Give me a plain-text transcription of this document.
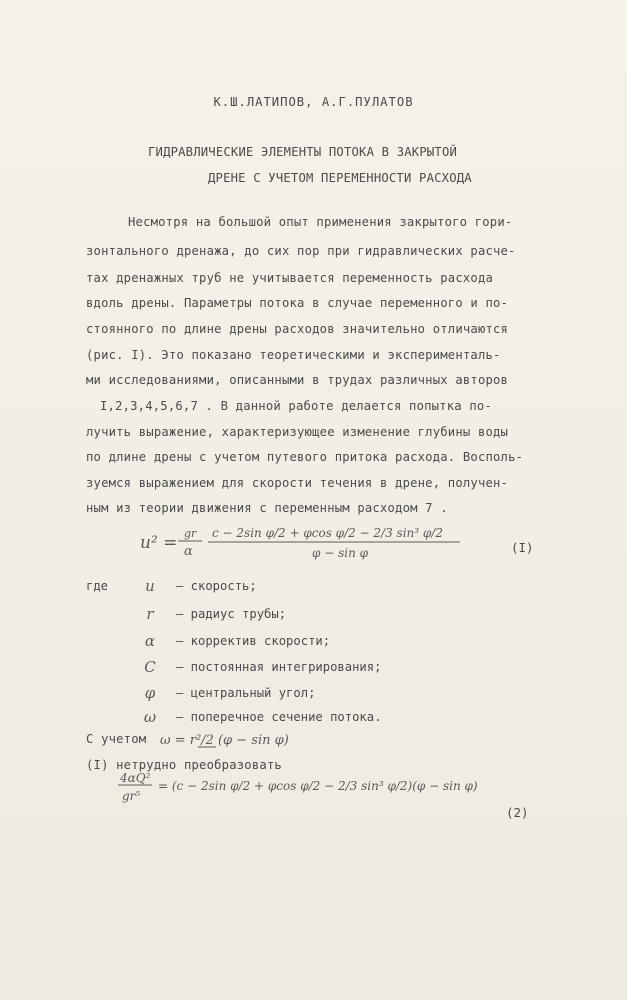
К.Ш.ЛАТИПОВ, А.Г.ПУЛАТОВ
ГИДРАВЛИЧЕСКИЕ ЭЛЕМЕНТЫ ПОТОКА В ЗАКРЫТОЙ
ДРЕНЕ С УЧЕТОМ ПЕРЕМЕННОСТИ РАСХОДА
Несмотря на большой опыт применения закрытого гори-
зонтального дренажа, до сих пор при гидравлических расче-
тах дренажных труб не учитывается переменность расхода
вдоль дрены. Параметры потока в случае переменного и по-
стоянного по длине дрены расходов значительно отличаются
(рис. I). Это показано теоретическими и эксперименталь-
ми исследованиями, описанными в трудах различных авторов
I,2,3,4,5,6,7 . В данной работе делается попытка по-
лучить выражение, характеризующее изменение глубины воды
по длине дрены с учетом путевого притока расхода. Восполь-
зуемся выражением для скорости течения в дрене, получен-
ным из теории движения с переменным расходом 7 .
u² = gr
α
c − 2sin φ/2 + φcos φ/2 − 2/3 sin³ φ/2
φ − sin φ	(I)
где	u	– скорость;
r	– радиус трубы;
α	– корректив скорости;
C	– постоянная интегрирования;
φ	– центральный угол;
ω	– поперечное сечение потока.
С учетом ω = r²/2 (φ − sin φ)
(I) нетрудно преобразовать
4αQ²
gr⁵
= (c − 2sin φ/2 + φcos φ/2 − 2/3 sin³ φ/2)(φ − sin φ)
(2)
